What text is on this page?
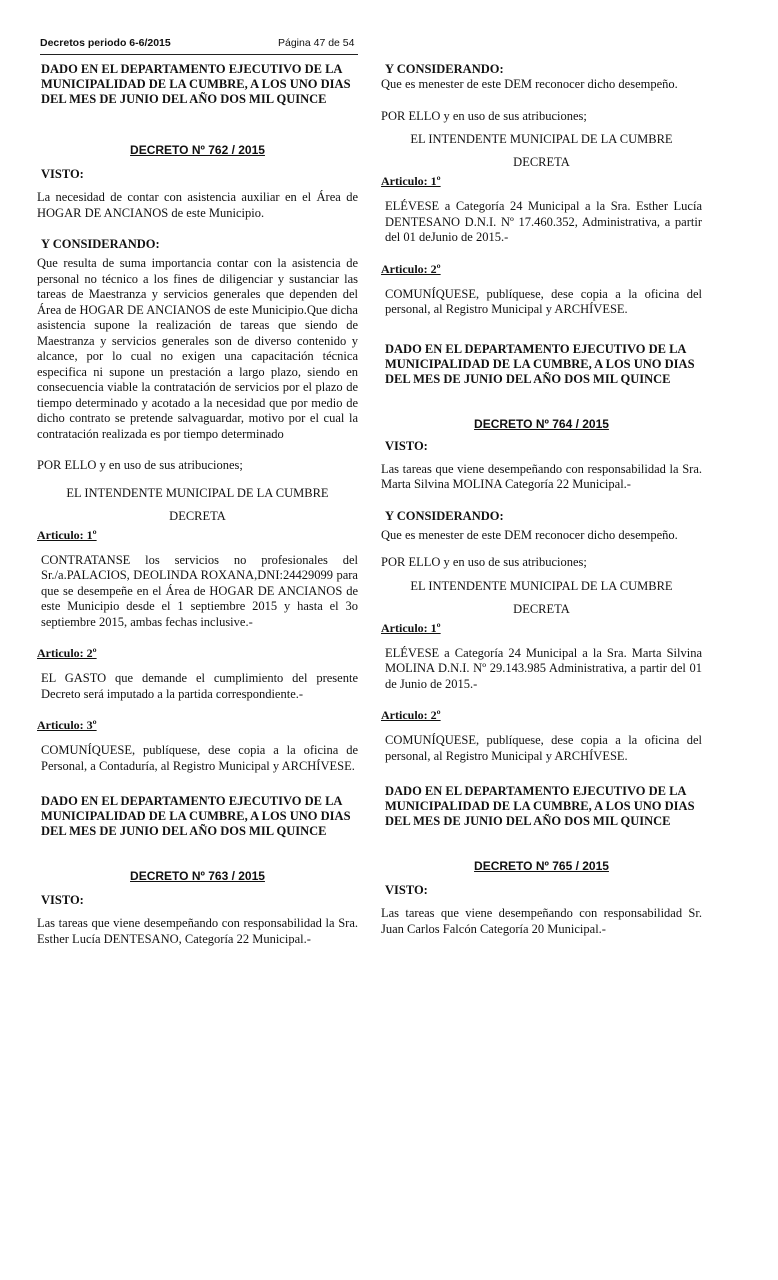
Decretos periodo 6-6/2015	Página 47 de 54
DADO EN EL DEPARTAMENTO EJECUTIVO DE LA MUNICIPALIDAD DE LA CUMBRE, A LOS UNO DIAS DEL MES DE JUNIO DEL AÑO DOS MIL QUINCE
DECRETO Nº 762 / 2015
VISTO:
La necesidad de contar con asistencia auxiliar en el Área de HOGAR DE ANCIANOS de este Municipio.
Y CONSIDERANDO:
Que resulta de suma importancia contar con la asistencia de personal no técnico a los fines de diligenciar y sustanciar las tareas de Maestranza y servicios generales que dependen del Área de HOGAR DE ANCIANOS de este Municipio.Que dicha asistencia supone la realización de tareas que siendo de Maestranza y servicios generales son de diverso contenido y alcance, por lo cual no exigen una capacitación técnica especifica ni supone un prestación a largo plazo, siendo en consecuencia viable la contratación de servicios por el plazo de tiempo determinado y acotado a la necesidad que por medio de dicho contrato se pretende salvaguardar, motivo por el cual la contratación realizada es por tiempo determinado
POR ELLO y en uso de sus atribuciones;
EL INTENDENTE MUNICIPAL DE LA CUMBRE
DECRETA
Articulo: 1º
CONTRATANSE los servicios no profesionales del Sr./a.PALACIOS, DEOLINDA ROXANA,DNI:24429099 para que se desempeñe en el Área de HOGAR DE ANCIANOS de este Municipio desde el 1 septiembre 2015 y hasta el 3o septiembre 2015, ambas fechas inclusive.-
Articulo: 2º
EL GASTO que demande el cumplimiento del presente Decreto será imputado a la partida correspondiente.-
Articulo: 3º
COMUNÍQUESE, publíquese, dese copia a la oficina de Personal, a Contaduría, al Registro Municipal y ARCHÍVESE.
DADO EN EL DEPARTAMENTO EJECUTIVO DE LA MUNICIPALIDAD DE LA CUMBRE, A LOS UNO DIAS DEL MES DE JUNIO DEL AÑO DOS MIL QUINCE
DECRETO Nº 763 / 2015
VISTO:
Las tareas que viene desempeñando con responsabilidad la Sra. Esther Lucía DENTESANO, Categoría 22 Municipal.-
Y CONSIDERANDO:
Que es menester de este DEM reconocer dicho desempeño.
POR ELLO y en uso de sus atribuciones;
EL INTENDENTE MUNICIPAL DE LA CUMBRE
DECRETA
Articulo: 1º
ELÉVESE a Categoría 24 Municipal a la Sra. Esther Lucía DENTESANO D.N.I. Nº 17.460.352, Administrativa, a partir del 01 deJunio de 2015.-
Articulo: 2º
COMUNÍQUESE, publíquese, dese copia a la oficina del personal, al Registro Municipal y ARCHÍVESE.
DADO EN EL DEPARTAMENTO EJECUTIVO DE LA MUNICIPALIDAD DE LA CUMBRE, A LOS UNO DIAS DEL MES DE JUNIO DEL AÑO DOS MIL QUINCE
DECRETO Nº 764 / 2015
VISTO:
Las tareas que viene desempeñando con responsabilidad la Sra. Marta Silvina MOLINA Categoría 22 Municipal.-
Y CONSIDERANDO:
Que es menester de este DEM reconocer dicho desempeño.
POR ELLO y en uso de sus atribuciones;
EL INTENDENTE MUNICIPAL DE LA CUMBRE
DECRETA
Articulo: 1º
ELÉVESE a Categoría 24 Municipal a la Sra. Marta Silvina MOLINA D.N.I. Nº 29.143.985 Administrativa, a partir del 01 de Junio de 2015.-
Articulo: 2º
COMUNÍQUESE, publíquese, dese copia a la oficina del personal, al Registro Municipal y ARCHÍVESE.
DADO EN EL DEPARTAMENTO EJECUTIVO DE LA MUNICIPALIDAD DE LA CUMBRE, A LOS UNO DIAS DEL MES DE JUNIO DEL AÑO DOS MIL QUINCE
DECRETO Nº 765 / 2015
VISTO:
Las tareas que viene desempeñando con responsabilidad Sr. Juan Carlos Falcón Categoría 20 Municipal.-
